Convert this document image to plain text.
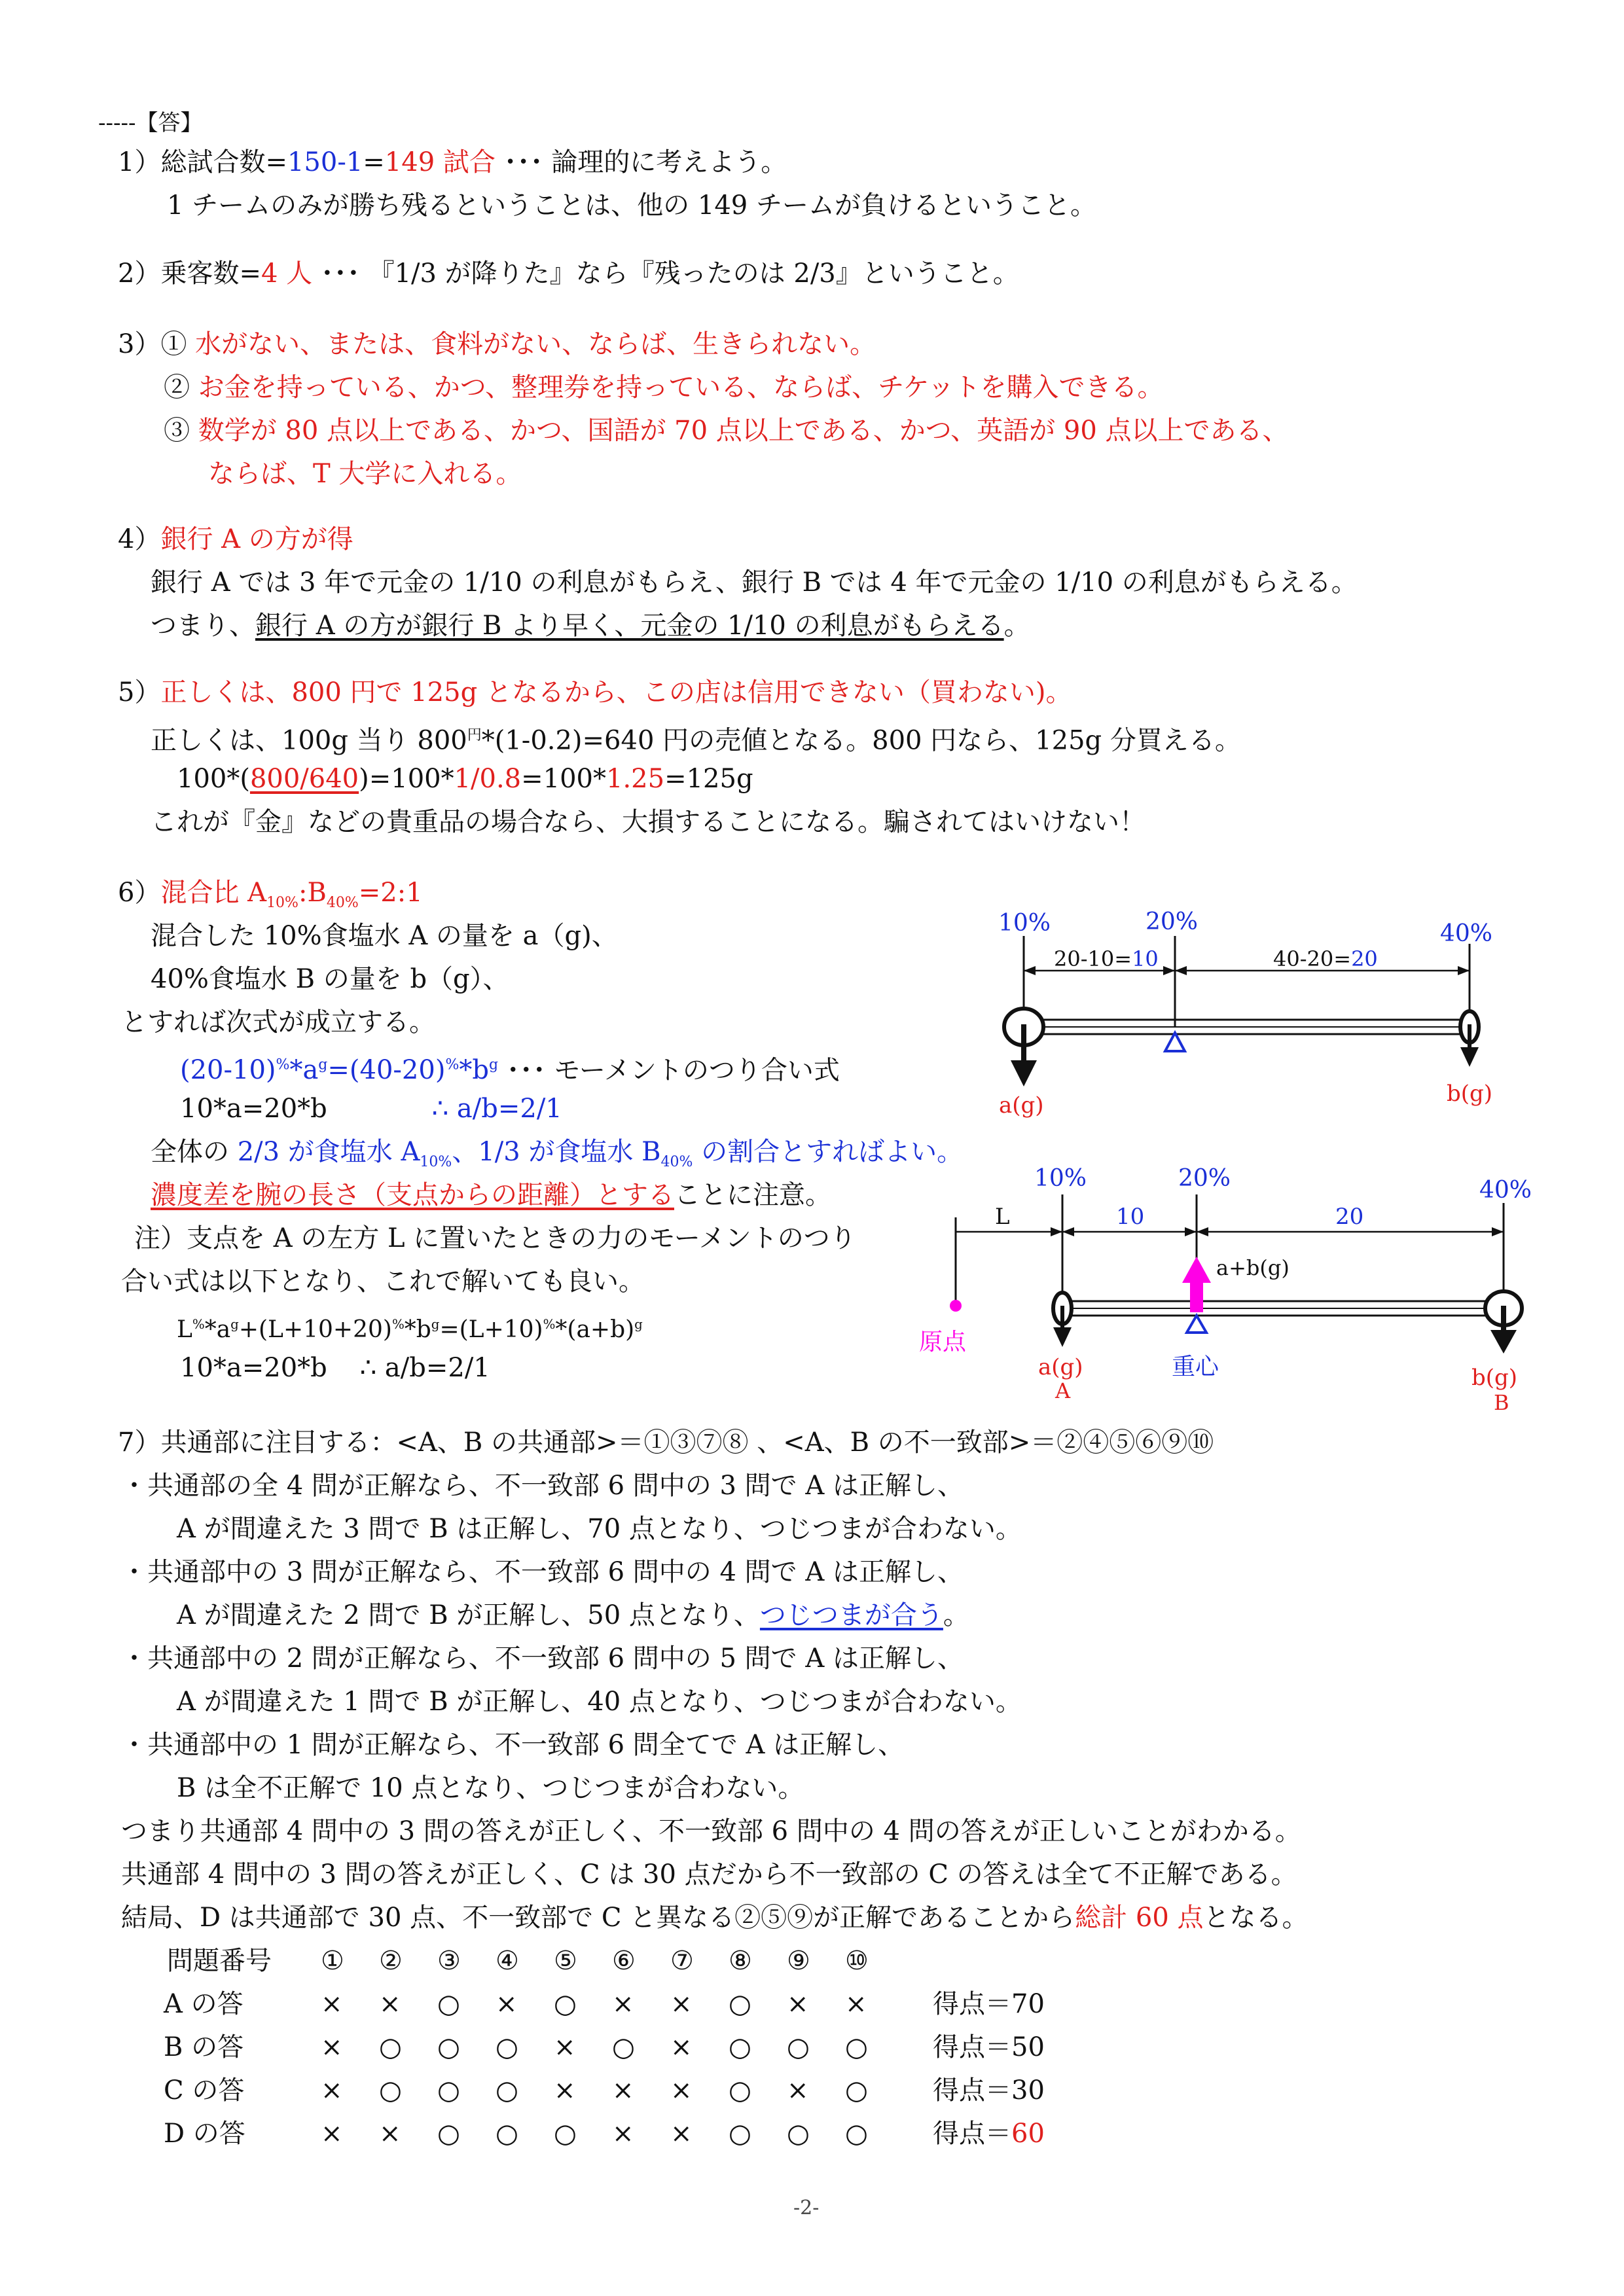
-----【答】
1）総試合数=150-1=149 試合 ･･･ 論理的に考えよう。
1 チームのみが勝ち残るということは、他の 149 チームが負けるということ。
2）乗客数=4 人 ･･･ 『1/3 が降りた』なら『残ったのは 2/3』ということ。
3）① 水がない、または、食料がない、ならば、生きられない。
② お金を持っている、かつ、整理券を持っている、ならば、チケットを購入できる。
③ 数学が 80 点以上である、かつ、国語が 70 点以上である、かつ、英語が 90 点以上である、
ならば、T 大学に入れる。
4）銀行 A の方が得
銀行 A では 3 年で元金の 1/10 の利息がもらえ、銀行 B では 4 年で元金の 1/10 の利息がもらえる。
つまり、銀行 A の方が銀行 B より早く、元金の 1/10 の利息がもらえる。
5）正しくは、800 円で 125g となるから、この店は信用できない（買わない)。
正しくは、100g 当り $800^円*(1-0.2)=640$ 円の売値となる。800 円なら、125g 分買える。
100*(800/640)=100*1/0.8=100*1.25=125g
これが『金』などの貴重品の場合なら、大損することになる。騙されてはいけない！
6）混合比 $A_{10\%}:B_{40\%}=2:1$
混合した 10%食塩水 A の量を a（g)、
40%食塩水 B の量を b（g）、
とすれば次式が成立する。
$(20-10)^{\%}*a^g=(40-20)^{\%}*b^g$ ･･･ モーメントのつり合い式
10*a=20*b	∴ a/b=2/1
全体の 2/3 が食塩水 $A_{10\%}$、1/3 が食塩水 $B_{40\%}$ の割合とすればよい。
濃度差を腕の長さ（支点からの距離）とすることに注意。
注）支点を A の左方 L に置いたときの力のモーメントのつり
合い式は以下となり、これで解いても良い。
$L^{\%}*a^g+(L+10+20)^{\%}*b^g=(L+10)^{\%}*(a+b)^g$
10*a=20*b ∴ a/b=2/1
10%	20%	40%
20-10=10	40-20=20
a(g)	b(g)
10%	20%	40%
L	10	20
a+b(g)
原点
a(g)
A
重心	b(g)
B
7）共通部に注目する：<A、B の共通部>＝①③⑦⑧ 、<A、B の不一致部>＝②④⑤⑥⑨⑩
・共通部の全 4 問が正解なら、不一致部 6 問中の 3 問で A は正解し、
A が間違えた 3 問で B は正解し、70 点となり、つじつまが合わない。
・共通部中の 3 問が正解なら、不一致部 6 問中の 4 問で A は正解し、
A が間違えた 2 問で B が正解し、50 点となり、つじつまが合う。
・共通部中の 2 問が正解なら、不一致部 6 問中の 5 問で A は正解し、
A が間違えた 1 問で B が正解し、40 点となり、つじつまが合わない。
・共通部中の 1 問が正解なら、不一致部 6 問全てで A は正解し、
B は全不正解で 10 点となり、つじつまが合わない。
つまり共通部 4 問中の 3 問の答えが正しく、不一致部 6 問中の 4 問の答えが正しいことがわかる。
共通部 4 問中の 3 問の答えが正しく、C は 30 点だから不一致部の C の答えは全て不正解である。
結局、D は共通部で 30 点、不一致部で C と異なる②⑤⑨が正解であることから総計 60 点となる。
問題番号 ① ② ③ ④ ⑤ ⑥ ⑦ ⑧ ⑨ ⑩
A の答	× × ○ × ○ × × ○ × ×	得点＝70
B の答	× ○ ○ ○ × ○ × ○ ○ ○ 得点＝50
C の答	× ○ ○ ○ × × × ○ × ○ 得点＝30
D の答	× × ○ ○ ○ × × ○ ○ ○ 得点＝60
-2-
